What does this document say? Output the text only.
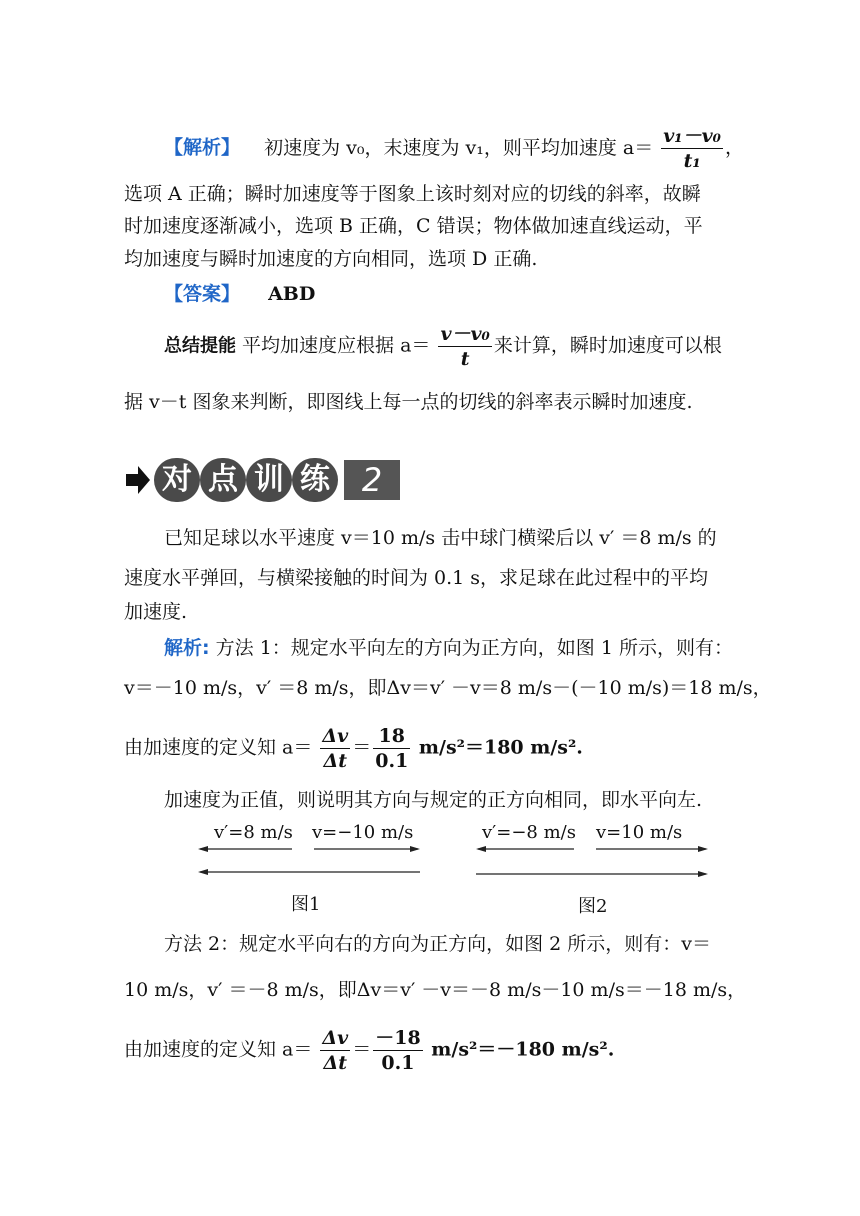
【解析】 初速度为 v₀，末速度为 v₁，则平均加速度 $a= \frac{\text{v₁－v₀}}{\text{t₁}}$ ，
选项 A 正确；瞬时加速度等于图象上该时刻对应的切线的斜率，故瞬
时加速度逐渐减小，选项 B 正确，C 错误；物体做加速直线运动，平
均加速度与瞬时加速度的方向相同，选项 D 正确.
【答案】 ABD
总结提能 平均加速度应根据 $a= \frac{\text{v－v₀}}{t}$ 来计算，瞬时加速度可以根
据 v－t 图象来判断，即图线上每一点的切线的斜率表示瞬时加速度.
对 点 训 练 2
已知足球以水平速度 v＝10 m/s 击中球门横梁后以 v′ ＝8 m/s 的
速度水平弹回，与横梁接触的时间为 0.1 s，求足球在此过程中的平均
加速度.
解析: 方法 1：规定水平向左的方向为正方向，如图 1 所示，则有：
v＝－10 m/s，v′ ＝8 m/s，即Δv＝v′ －v＝8 m/s－(－10 m/s)＝18 m/s，
由加速度的定义知 $a= \frac{\Delta v}{\Delta t} = \frac{18}{0.1} m/s^2=180$ m/s².
加速度为正值，则说明其方向与规定的正方向相同，即水平向左.
v′=8 m/s v=−10 m/s
图1
v′=−8 m/s v=10 m/s
图2
方法 2：规定水平向右的方向为正方向，如图 2 所示，则有：v＝
10 m/s，v′ ＝－8 m/s，即Δv＝v′ －v＝－8 m/s－10 m/s＝－18 m/s，
由加速度的定义知 $a= \frac{\Delta v}{\Delta t} = \frac{-18}{0.1} m/s^2=-180$ m/s².
